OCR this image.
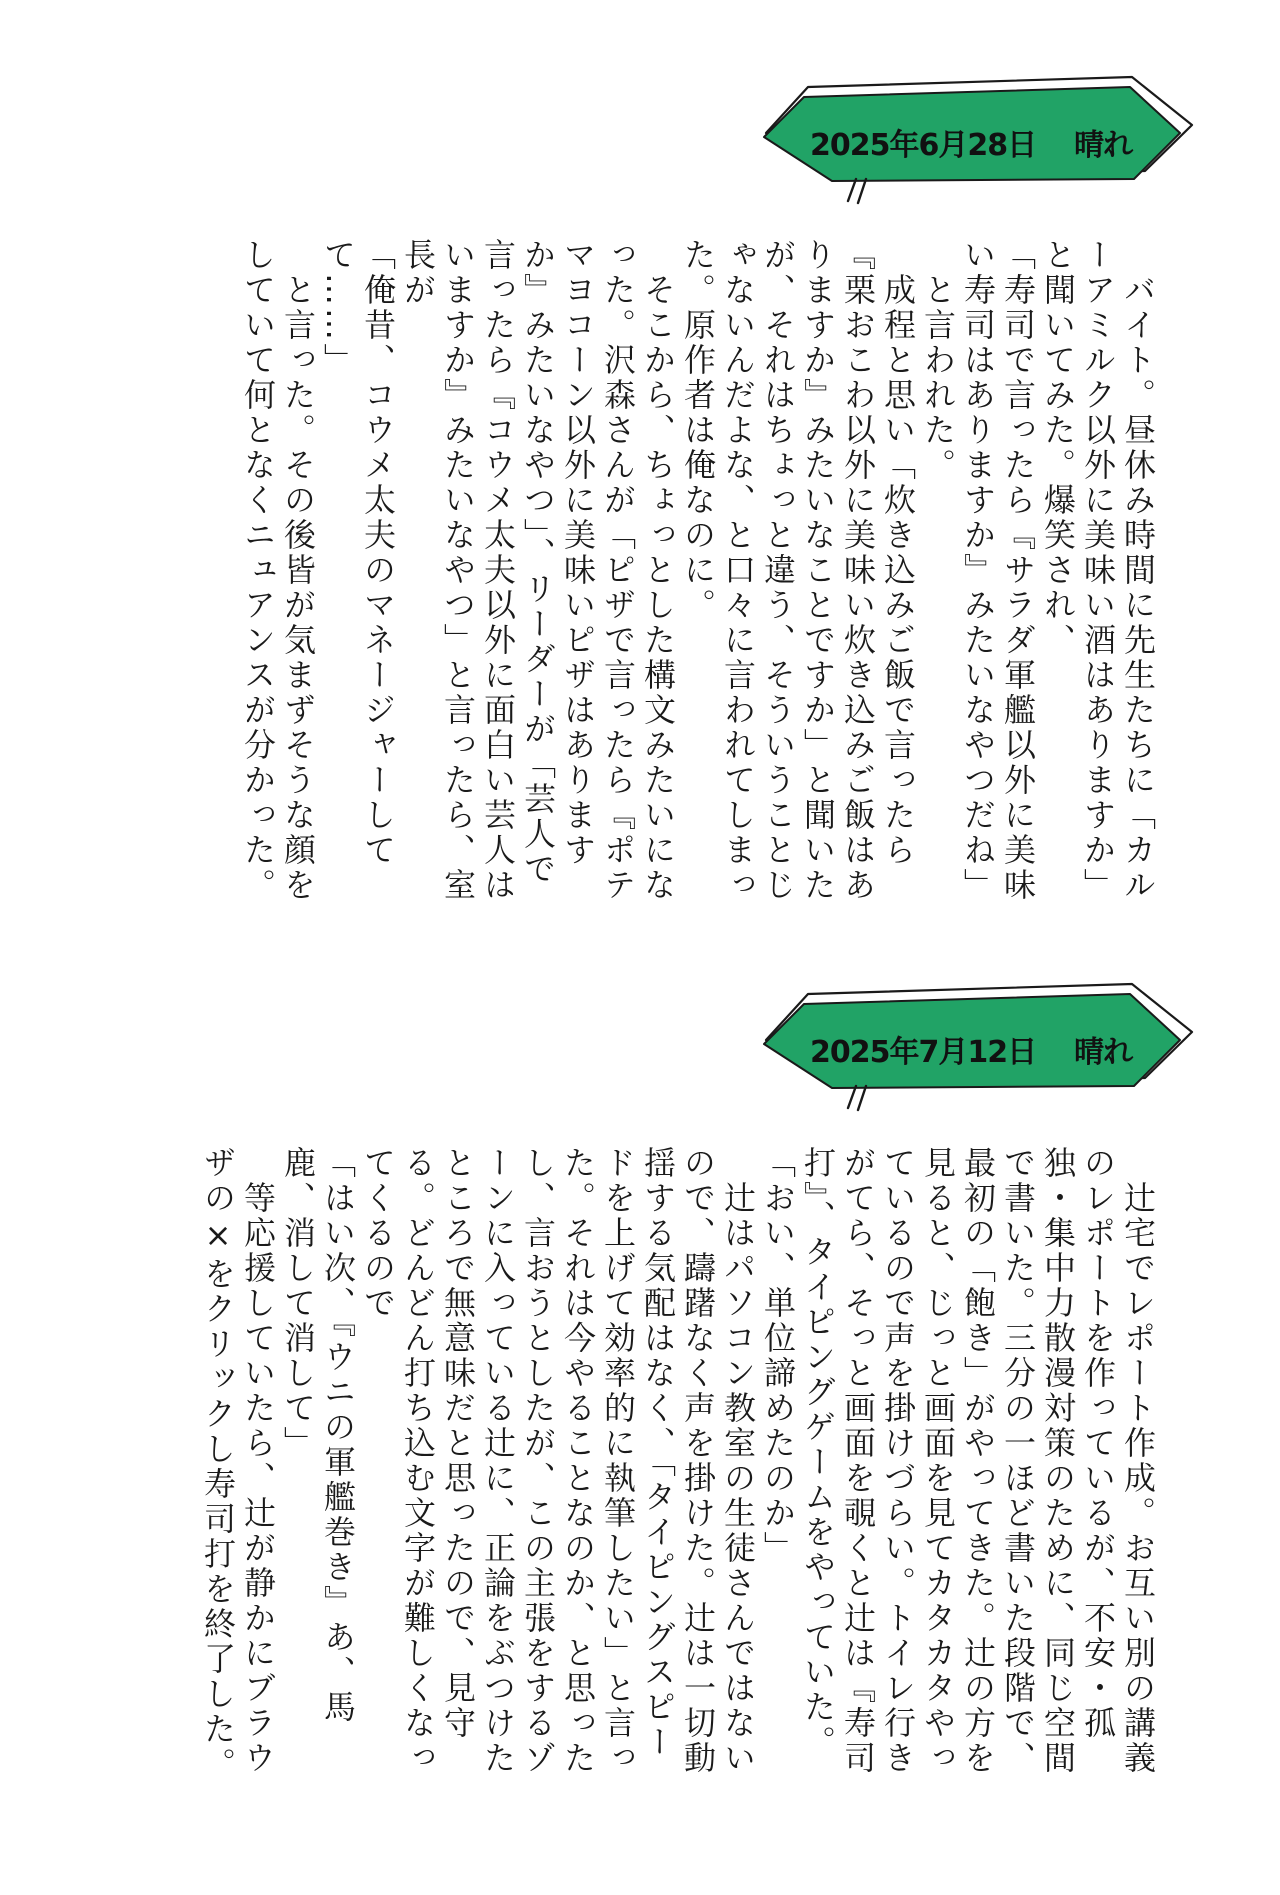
2025年6月28日 晴れ

　バイト。昼休み時間に先生たちに「カル

ーアミルク以外に美味い酒はありますか」

と聞いてみた。爆笑され、

「寿司で言ったら『サラダ軍艦以外に美味

い寿司はありますか』みたいなやつだね」

　と言われた。

　成程と思い「炊き込みご飯で言ったら

『栗おこわ以外に美味い炊き込みご飯はあ

りますか』みたいなことですか」と聞いた

が、それはちょっと違う、そういうことじ

ゃないんだよな、と口々に言われてしまっ

た。原作者は俺なのに。

　そこから、ちょっとした構文みたいにな

った。沢森さんが「ピザで言ったら『ポテ

マヨコーン以外に美味いピザはあります

か』みたいなやつ」、リーダーが「芸人で

言ったら『コウメ太夫以外に面白い芸人は

いますか』みたいなやつ」と言ったら、室

長が

「俺昔、コウメ太夫のマネージャーして

て……」

　と言った。その後皆が気まずそうな顔を

していて何となくニュアンスが分かった。

2025年7月12日 晴れ

　辻宅でレポート作成。お互い別の講義

のレポートを作っているが、不安・孤

独・集中力散漫対策のために、同じ空間

で書いた。三分の一ほど書いた段階で、

最初の「飽き」がやってきた。辻の方を

見ると、じっと画面を見てカタカタやっ

ているので声を掛けづらい。トイレ行き

がてら、そっと画面を覗くと辻は『寿司

打』、タイピングゲームをやっていた。

「おい、単位諦めたのか」

　辻はパソコン教室の生徒さんではない

ので、躊躇なく声を掛けた。辻は一切動

揺する気配はなく、「タイピングスピー

ドを上げて効率的に執筆したい」と言っ

た。それは今やることなのか、と思った

し、言おうとしたが、この主張をするゾ

ーンに入っている辻に、正論をぶつけた

ところで無意味だと思ったので、見守

る。どんどん打ち込む文字が難しくなっ

てくるので

「はい次、『ウニの軍艦巻き』あ、馬

鹿、消して消して」

　等応援していたら、辻が静かにブラウ

ザの×をクリックし寿司打を終了した。
